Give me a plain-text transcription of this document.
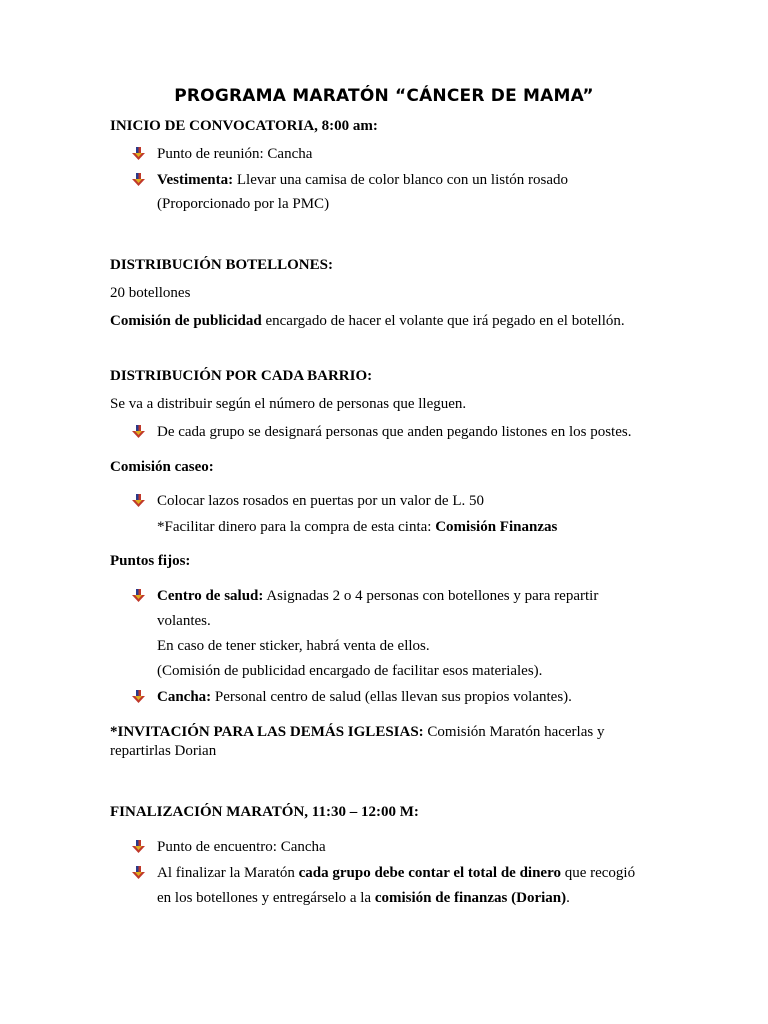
PROGRAMA MARATÓN “CÁNCER DE MAMA”
INICIO DE CONVOCATORIA, 8:00 am:
Punto de reunión: Cancha
Vestimenta: Llevar una camisa de color blanco con un listón rosado
(Proporcionado por la PMC)
DISTRIBUCIÓN BOTELLONES:
20 botellones
Comisión de publicidad encargado de hacer el volante que irá pegado en el botellón.
DISTRIBUCIÓN POR CADA BARRIO:
Se va a distribuir según el número de personas que lleguen.
De cada grupo se designará personas que anden pegando listones en los postes.
Comisión caseo:
Colocar lazos rosados en puertas por un valor de L. 50
*Facilitar dinero para la compra de esta cinta: Comisión Finanzas
Puntos fijos:
Centro de salud: Asignadas 2 o 4 personas con botellones y para repartir
volantes.
En caso de tener sticker, habrá venta de ellos.
(Comisión de publicidad encargado de facilitar esos materiales).
Cancha: Personal centro de salud (ellas llevan sus propios volantes).
*INVITACIÓN PARA LAS DEMÁS IGLESIAS: Comisión Maratón hacerlas y
repartirlas Dorian
FINALIZACIÓN MARATÓN, 11:30 – 12:00 M:
Punto de encuentro: Cancha
Al finalizar la Maratón cada grupo debe contar el total de dinero que recogió
en los botellones y entregárselo a la comisión de finanzas (Dorian).
